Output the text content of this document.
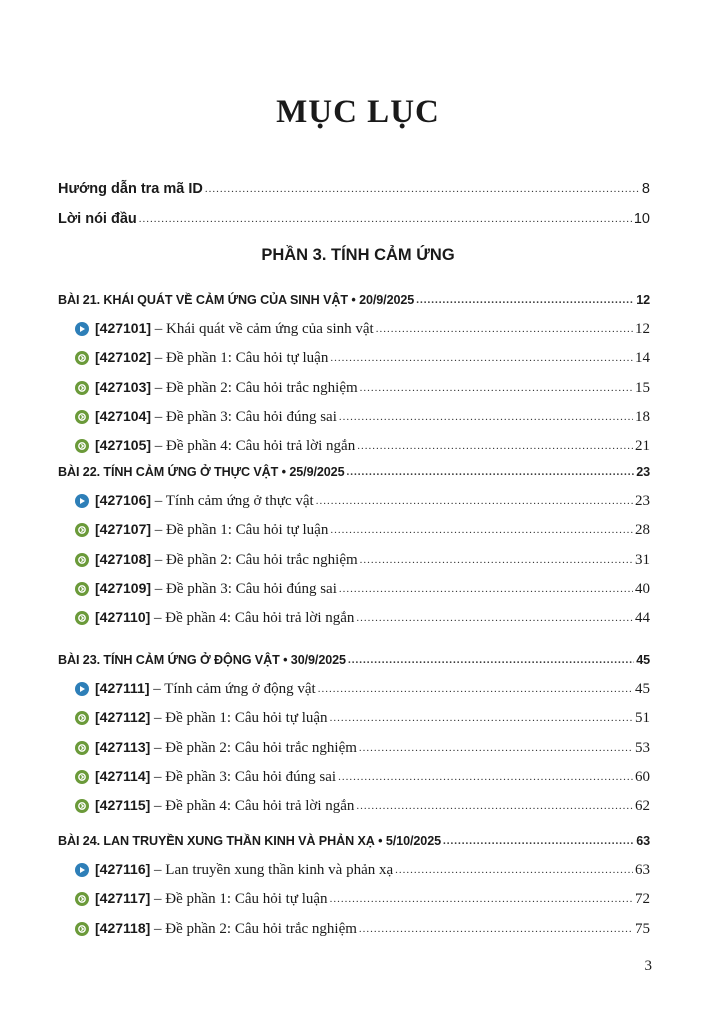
MỤC LỤC
Hướng dẫn tra mã ID .....	8
Lời nói đầu .....	10
PHẦN 3. TÍNH CẢM ỨNG
BÀI 21. KHÁI QUÁT VỀ CẢM ỨNG CỦA SINH VẬT • 20/9/2025 .....	12
[427101] – Khái quát về cảm ứng của sinh vật .....	12
[427102] – Đề phần 1: Câu hỏi tự luận .....	14
[427103] – Đề phần 2: Câu hỏi trắc nghiệm .....	15
[427104] – Đề phần 3: Câu hỏi đúng sai .....	18
[427105] – Đề phần 4: Câu hỏi trả lời ngắn .....	21
BÀI 22. TÍNH CẢM ỨNG Ở THỰC VẬT • 25/9/2025 .....	23
[427106] – Tính cảm ứng ở thực vật .....	23
[427107] – Đề phần 1: Câu hỏi tự luận .....	28
[427108] – Đề phần 2: Câu hỏi trắc nghiệm .....	31
[427109] – Đề phần 3: Câu hỏi đúng sai .....	40
[427110] – Đề phần 4: Câu hỏi trả lời ngắn .....	44
BÀI 23. TÍNH CẢM ỨNG Ở ĐỘNG VẬT • 30/9/2025 .....	45
[427111] – Tính cảm ứng ở động vật .....	45
[427112] – Đề phần 1: Câu hỏi tự luận .....	51
[427113] – Đề phần 2: Câu hỏi trắc nghiệm .....	53
[427114] – Đề phần 3: Câu hỏi đúng sai .....	60
[427115] – Đề phần 4: Câu hỏi trả lời ngắn .....	62
BÀI 24. LAN TRUYỀN XUNG THẦN KINH VÀ PHẢN XẠ • 5/10/2025 .....	63
[427116] – Lan truyền xung thần kinh và phản xạ .....	63
[427117] – Đề phần 1: Câu hỏi tự luận .....	72
[427118] – Đề phần 2: Câu hỏi trắc nghiệm .....	75
3
